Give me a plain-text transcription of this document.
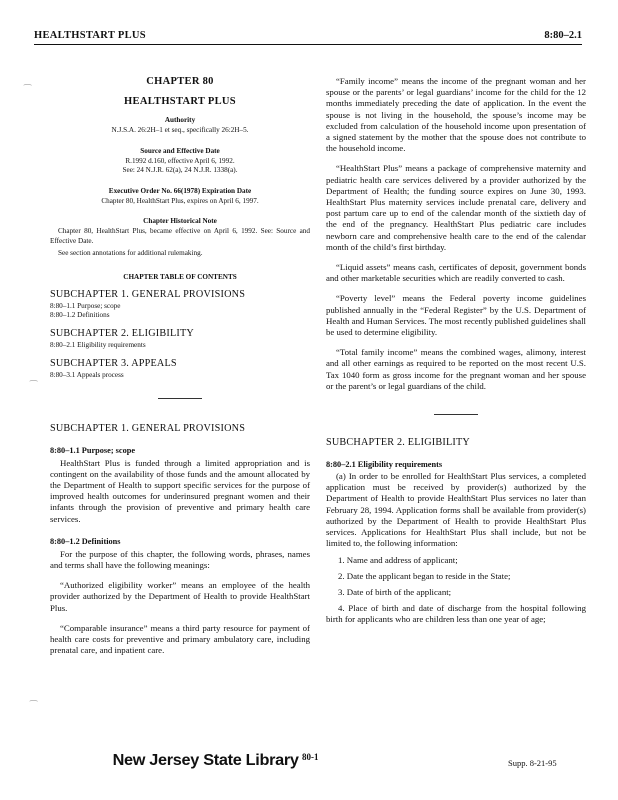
HEALTHSTART PLUS	8:80–2.1
⁀
⁀
⁀
CHAPTER 80
HEALTHSTART PLUS
Authority
N.J.S.A. 26:2H–1 et seq., specifically 26:2H–5.
Source and Effective Date
R.1992 d.160, effective April 6, 1992.
See: 24 N.J.R. 62(a), 24 N.J.R. 1338(a).
Executive Order No. 66(1978) Expiration Date
Chapter 80, HealthStart Plus, expires on April 6, 1997.
Chapter Historical Note
Chapter 80, HealthStart Plus, became effective on April 6, 1992. See: Source and Effective Date.
See section annotations for additional rulemaking.
CHAPTER TABLE OF CONTENTS
SUBCHAPTER 1. GENERAL PROVISIONS
8:80–1.1 Purpose; scope
8:80–1.2 Definitions
SUBCHAPTER 2. ELIGIBILITY
8:80–2.1 Eligibility requirements
SUBCHAPTER 3. APPEALS
8:80–3.1 Appeals process
SUBCHAPTER 1. GENERAL PROVISIONS
8:80–1.1 Purpose; scope

HealthStart Plus is funded through a limited appropriation and is contingent on the availability of those funds and the amount allocated by the Department of Health to support specific services for the purpose of improved health outcomes for underinsured pregnant women and their infants through the provision of preventive and primary health care services.

8:80–1.2 Definitions

For the purpose of this chapter, the following words, phrases, names and terms shall have the following meanings:

“Authorized eligibility worker” means an employee of the health provider authorized by the Department of Health to provide HealthStart Plus.

“Comparable insurance” means a third party resource for payment of health care costs for preventive and primary ambulatory care, including prenatal care, and inpatient care.

“Family income” means the income of the pregnant woman and her spouse or the parents’ or legal guardians’ income for the child for the 12 months immediately preceding the date of application. In the event the spouse is not living in the household, the spouse’s income may be excluded from calculation of the household income upon presentation of a signed statement by the mother that the spouse does not contribute to the household income.

“HealthStart Plus” means a package of comprehensive maternity and pediatric health care services delivered by a provider authorized by the Department of Health; the funding source expires on June 30, 1993. HealthStart Plus maternity services include prenatal care, delivery and post partum care up to end of the calendar month of the sixtieth day of the end of the pregnancy. HealthStart Plus pediatric care includes newborn care and comprehensive health care to the end of the calendar month of the child’s first birthday.

“Liquid assets” means cash, certificates of deposit, government bonds and other marketable securities which are readily converted to cash.

“Poverty level” means the Federal poverty income guidelines published annually in the “Federal Register” by the U.S. Department of Health and Human Services. The most recently published guidelines shall be used to determine eligibility.

“Total family income” means the combined wages, alimony, interest and all other earnings as required to be reported on the most recent U.S. Tax 1040 form as gross income for the pregnant woman and her spouse or the parent’s or legal guardians of the child.

SUBCHAPTER 2. ELIGIBILITY
8:80–2.1 Eligibility requirements

(a) In order to be enrolled for HealthStart Plus services, a completed application must be received by provider(s) authorized by the Department of Health to provide HealthStart Plus services no later than February 28, 1994. Application forms shall be available from provider(s) authorized by the Department of Health to provide HealthStart Plus services. Applications for HealthStart Plus shall include, but not be limited to, the following information:

1. Name and address of applicant;

2. Date the applicant began to reside in the State;

3. Date of birth of the applicant;

4. Place of birth and date of discharge from the hospital following birth for applicants who are children less than one year of age;

New Jersey State Library 80-1
Supp. 8-21-95
